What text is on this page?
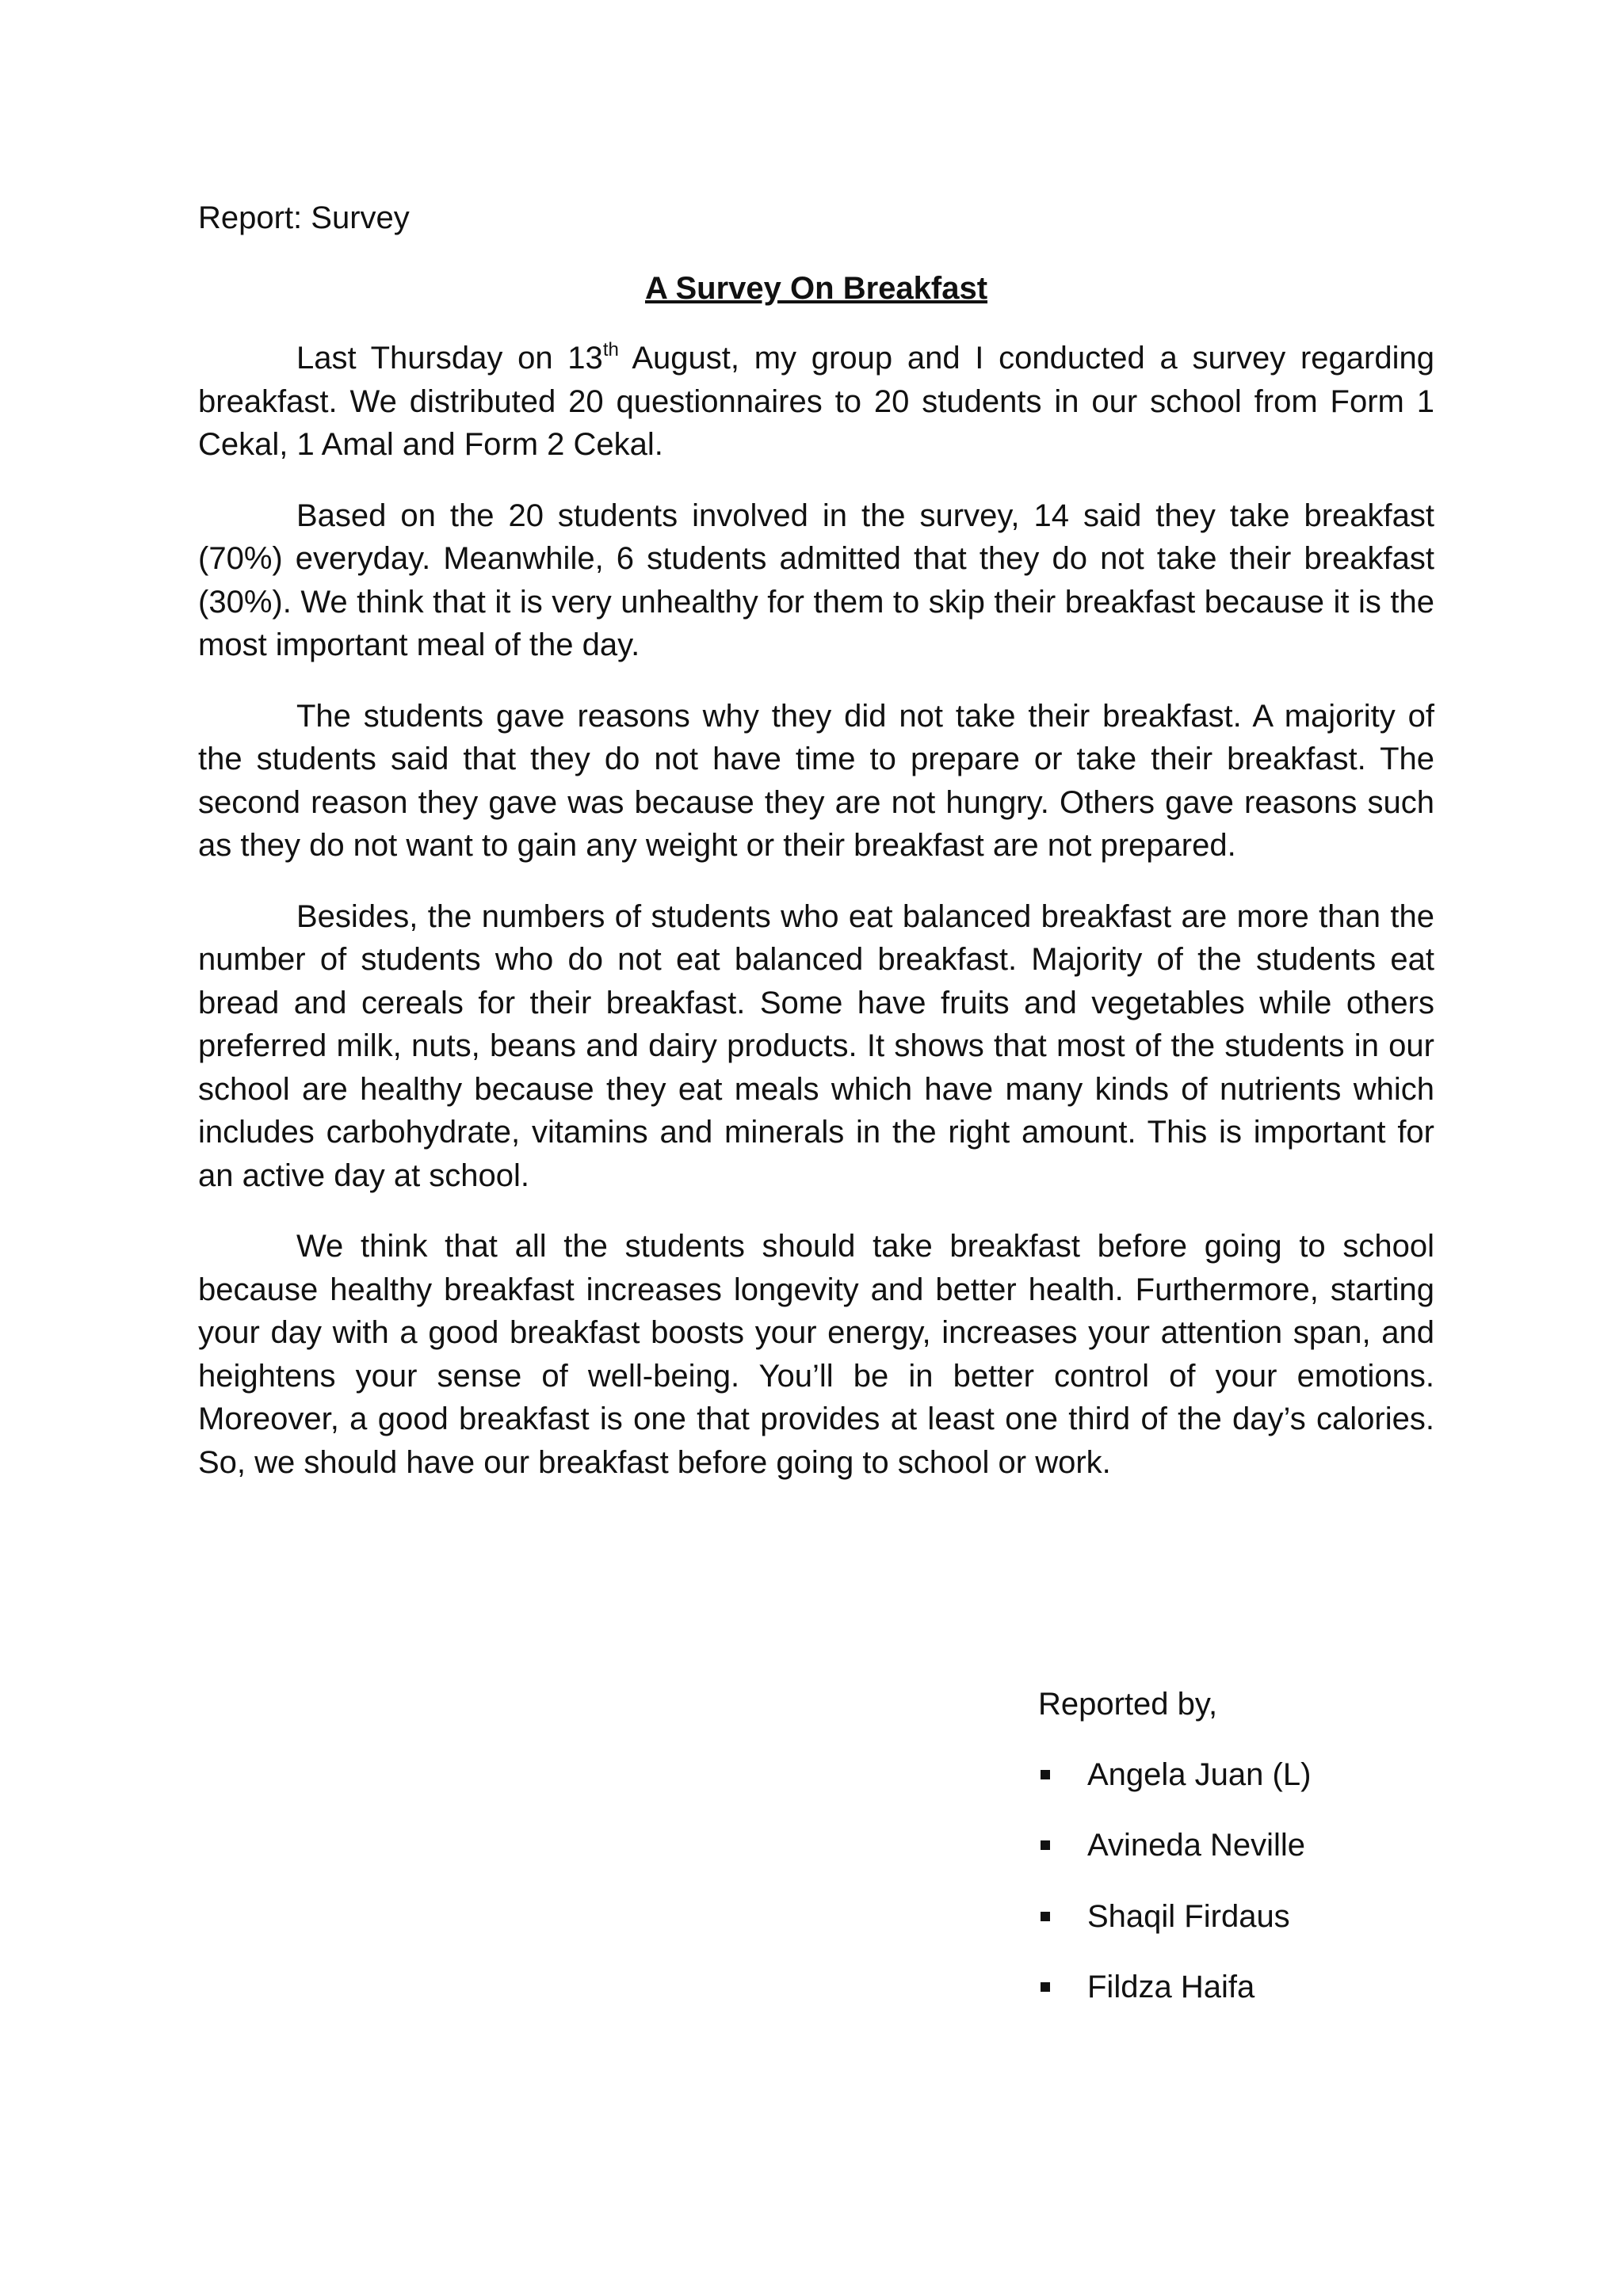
Report: Survey

A Survey On Breakfast

Last Thursday on 13th August, my group and I conducted a survey regarding breakfast. We distributed 20 questionnaires to 20 students in our school from Form 1 Cekal, 1 Amal and Form 2 Cekal.

Based on the 20 students involved in the survey, 14 said they take breakfast (70%) everyday. Meanwhile, 6 students admitted that they do not take their breakfast (30%). We think that it is very unhealthy for them to skip their breakfast because it is the most important meal of the day.

The students gave reasons why they did not take their breakfast. A majority of the students said that they do not have time to prepare or take their breakfast. The second reason they gave was because they are not hungry. Others gave reasons such as they do not want to gain any weight or their breakfast are not prepared.

Besides, the numbers of students who eat balanced breakfast are more than the number of students who do not eat balanced breakfast. Majority of the students eat bread and cereals for their breakfast. Some have fruits and vegetables while others preferred milk, nuts, beans and dairy products. It shows that most of the students in our school are healthy because they eat meals which have many kinds of nutrients which includes carbohydrate, vitamins and minerals in the right amount. This is important for an active day at school.

We think that all the students should take breakfast before going to school because healthy breakfast increases longevity and better health. Furthermore, starting your day with a good breakfast boosts your energy, increases your attention span, and heightens your sense of well-being. You’ll be in better control of your emotions. Moreover, a good breakfast is one that provides at least one third of the day’s calories. So, we should have our breakfast before going to school or work.

Reported by,

Angela Juan (L)
Avineda Neville
Shaqil Firdaus
Fildza Haifa
